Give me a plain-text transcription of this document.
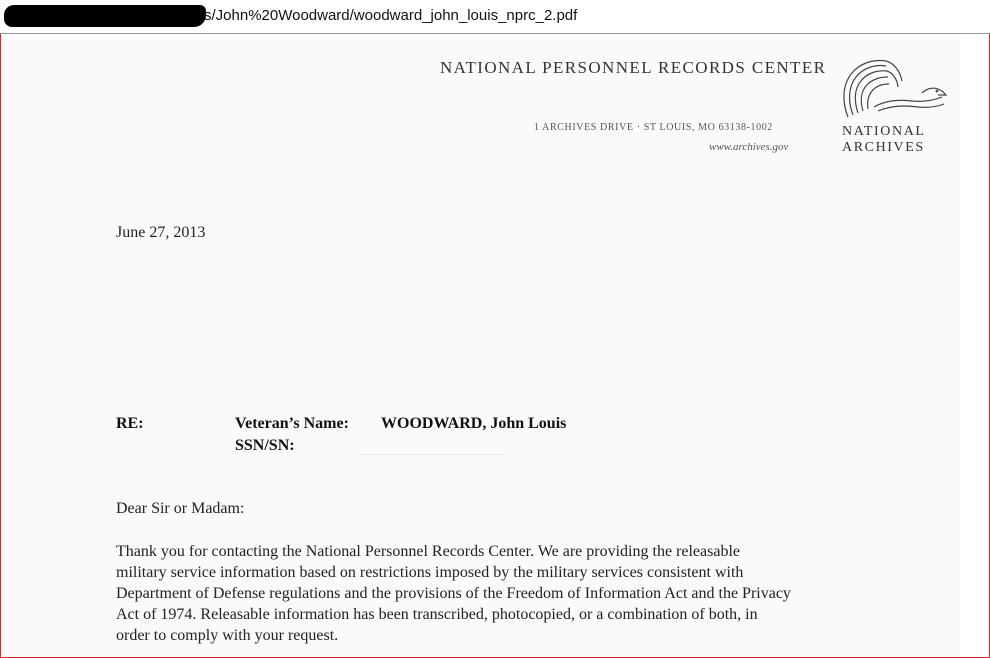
s/John%20Woodward/woodward_john_louis_nprc_2.pdf
NATIONAL PERSONNEL RECORDS CENTER
1 ARCHIVES DRIVE · ST LOUIS, MO 63138-1002
www.archives.gov
NATIONAL
ARCHIVES
June 27, 2013
RE:	Veteran’s Name: WOODWARD, John Louis
SSN/SN:
Dear Sir or Madam:
Thank you for contacting the National Personnel Records Center. We are providing the releasable
military service information based on restrictions imposed by the military services consistent with
Department of Defense regulations and the provisions of the Freedom of Information Act and the Privacy
Act of 1974. Releasable information has been transcribed, photocopied, or a combination of both, in
order to comply with your request.
